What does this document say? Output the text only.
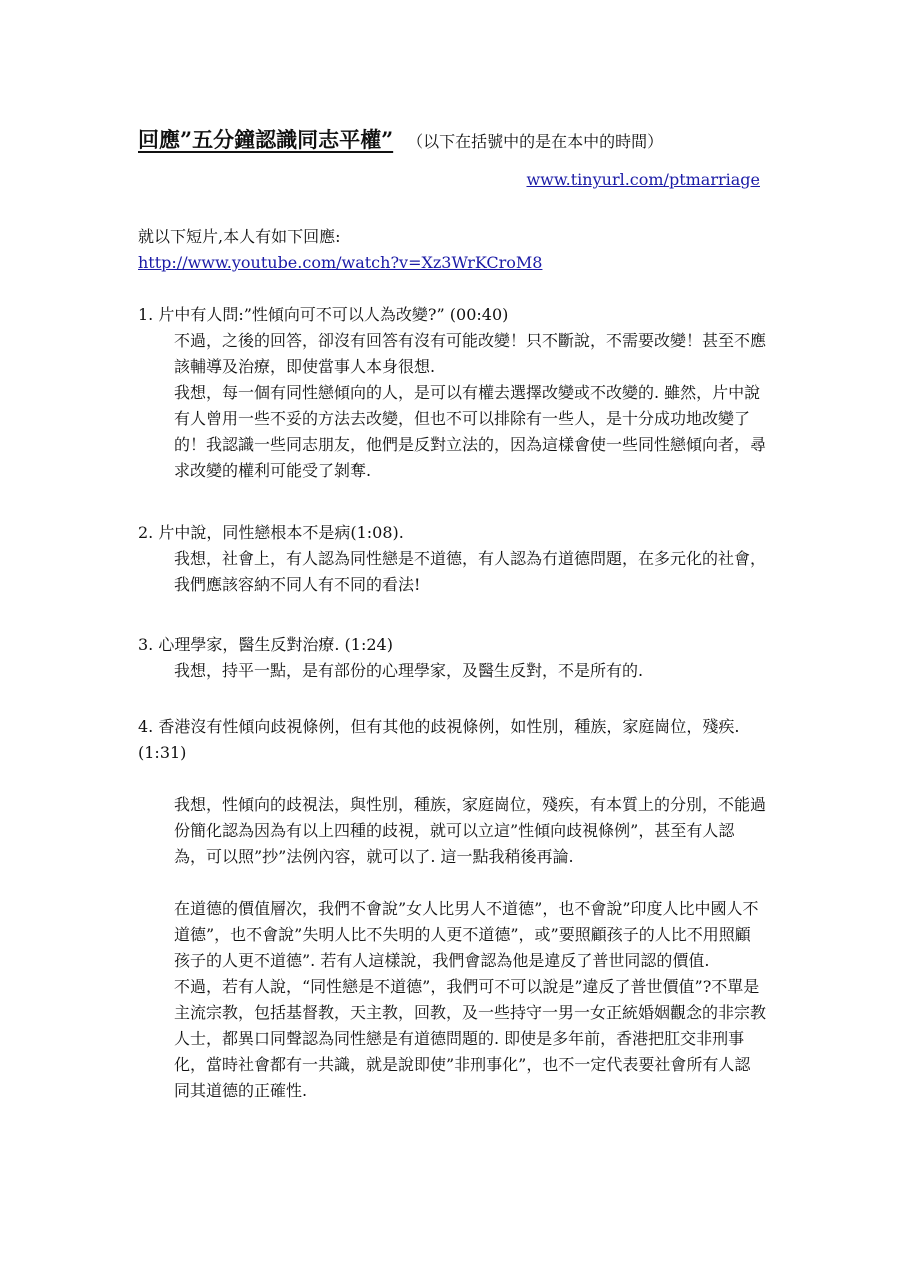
回應”五分鐘認識同志平權” （以下在括號中的是在本中的時間）
www.tinyurl.com/ptmarriage
就以下短片,本人有如下回應:
http://www.youtube.com/watch?v=Xz3WrKCroM8

1. 片中有人問:”性傾向可不可以人為改變?” (00:40)

不過，之後的回答，卻沒有回答有沒有可能改變！只不斷說，不需要改變！甚至不應該輔導及治療，即使當事人本身很想.

我想，每一個有同性戀傾向的人，是可以有權去選擇改變或不改變的. 雖然，片中說有人曾用一些不妥的方法去改變，但也不可以排除有一些人，是十分成功地改變了的！我認識一些同志朋友，他們是反對立法的，因為這樣會使一些同性戀傾向者，尋求改變的權利可能受了剝奪.

2. 片中說，同性戀根本不是病(1:08).

我想，社會上，有人認為同性戀是不道德，有人認為冇道德問題，在多元化的社會，我們應該容納不同人有不同的看法!

3. 心理學家，醫生反對治療. (1:24)

我想，持平一點，是有部份的心理學家，及醫生反對，不是所有的.

4. 香港沒有性傾向歧視條例，但有其他的歧視條例，如性別，種族，家庭崗位，殘疾. (1:31)

我想，性傾向的歧視法，與性別，種族，家庭崗位，殘疾，有本質上的分別，不能過份簡化認為因為有以上四種的歧視，就可以立這”性傾向歧視條例”，甚至有人認為，可以照”抄”法例內容，就可以了. 這一點我稍後再論.

在道德的價值層次，我們不會說”女人比男人不道德”，也不會說”印度人比中國人不道德”，也不會說”失明人比不失明的人更不道德”，或”要照顧孩子的人比不用照顧孩子的人更不道德”. 若有人這樣說，我們會認為他是違反了普世同認的價值.

不過，若有人說，“同性戀是不道德”，我們可不可以說是”違反了普世價值”?不單是主流宗教，包括基督教，天主教，回教，及一些持守一男一女正統婚姻觀念的非宗教人士，都異口同聲認為同性戀是有道德問題的. 即使是多年前，香港把肛交非刑事化，當時社會都有一共識，就是說即使”非刑事化”，也不一定代表要社會所有人認同其道德的正確性.
